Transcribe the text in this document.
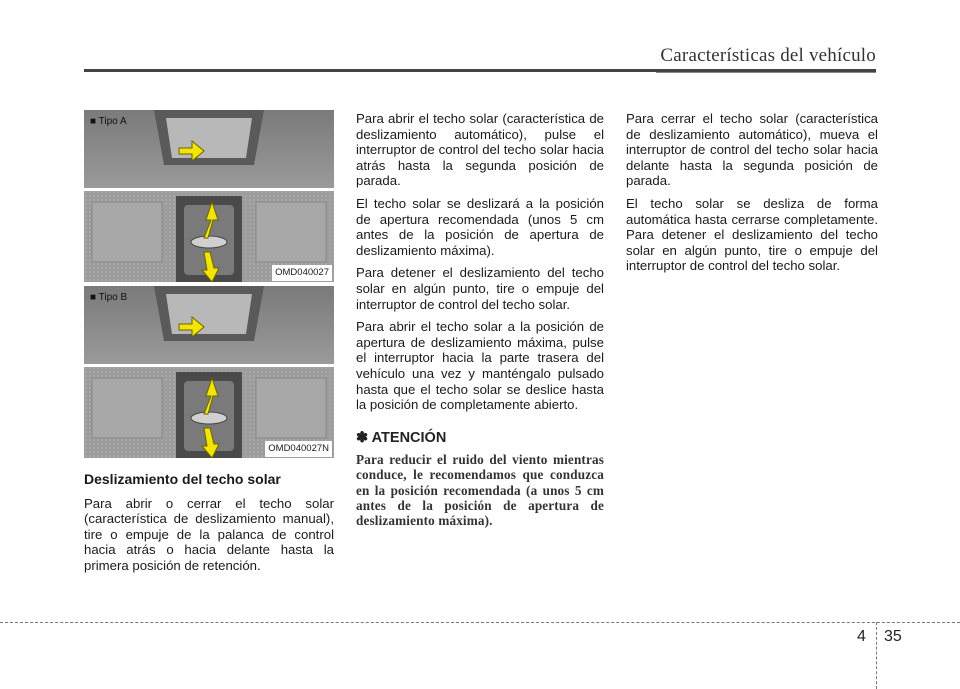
Características del vehículo
■ Tipo A
OMD040027
■ Tipo B
OMD040027N
Deslizamiento del techo solar

Para abrir o cerrar el techo solar (característica de deslizamiento manual), tire o empuje de la palanca de control hacia atrás o hacia delante hasta la primera posición de retención.

Para abrir el techo solar (característica de deslizamiento automático), pulse el interruptor de control del techo solar hacia atrás hasta la segunda posición de parada.

El techo solar se deslizará a la posición de apertura recomendada (unos 5 cm antes de la posición de apertura de deslizamiento máxima).

Para detener el deslizamiento del techo solar en algún punto, tire o empuje del interruptor de control del techo solar.

Para abrir el techo solar a la posición de apertura de deslizamiento máxima, pulse el interruptor hacia la parte trasera del vehículo una vez y manténgalo pulsado hasta que el techo solar se deslice hasta la posición de completamente abierto.

✽ ATENCIÓN
Para reducir el ruido del viento mientras conduce, le recomendamos que conduzca en la posición recomendada (a unos 5 cm antes de la posición de apertura de deslizamiento máxima).

Para cerrar el techo solar (característica de deslizamiento automático), mueva el interruptor de control del techo solar hacia delante hasta la segunda posición de parada.

El techo solar se desliza de forma automática hasta cerrarse completamente. Para detener el deslizamiento del techo solar en algún punto, tire o empuje del interruptor de control del techo solar.

4 35
